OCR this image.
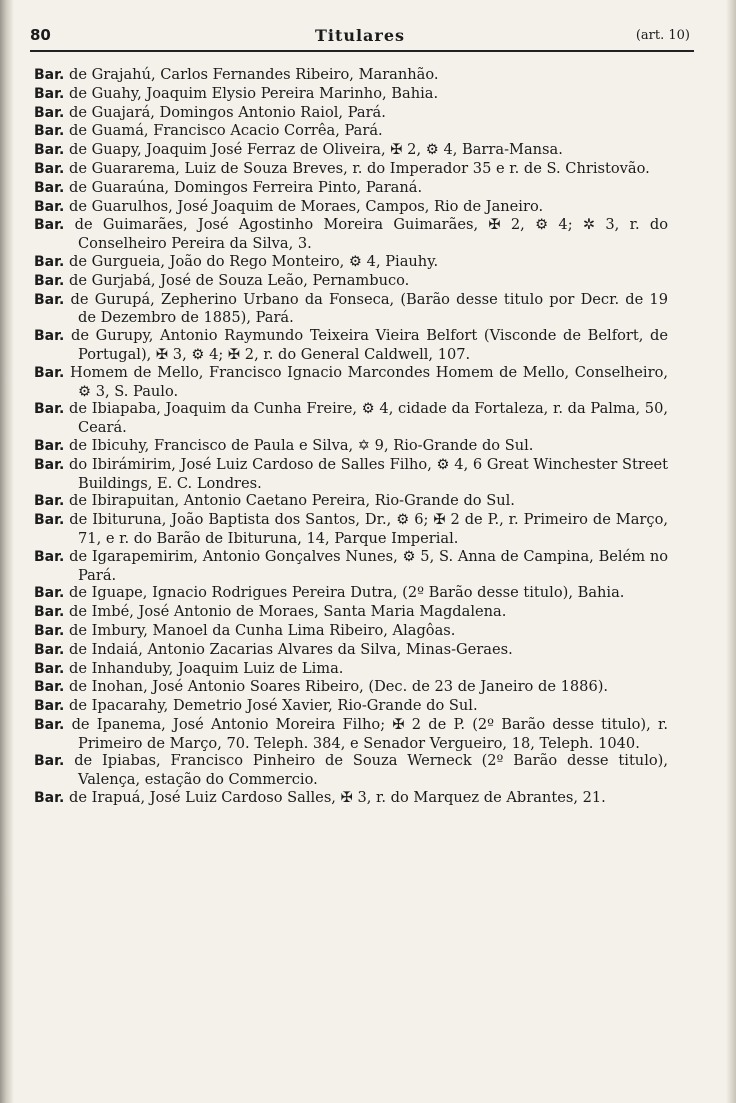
80	Titulares	(art. 10)

Bar. de Grajahú, Carlos Fernandes Ribeiro, Maranhão.

Bar. de Guahy, Joaquim Elysio Pereira Marinho, Bahia.

Bar. de Guajará, Domingos Antonio Raiol, Pará.

Bar. de Guamá, Francisco Acacio Corrêa, Pará.

Bar. de Guapy, Joaquim José Ferraz de Oliveira, ✠ 2, ⚙ 4, Barra-Mansa.

Bar. de Guararema, Luiz de Souza Breves, r. do Imperador 35 e r. de S. Christovão.

Bar. de Guaraúna, Domingos Ferreira Pinto, Paraná.

Bar. de Guarulhos, José Joaquim de Moraes, Campos, Rio de Janeiro.

Bar. de Guimarães, José Agostinho Moreira Guimarães, ✠ 2, ⚙ 4; ✲ 3, r. do Conselheiro Pereira da Silva, 3.

Bar. de Gurgueia, João do Rego Monteiro, ⚙ 4, Piauhy.

Bar. de Gurjabá, José de Souza Leão, Pernambuco.

Bar. de Gurupá, Zepherino Urbano da Fonseca, (Barão desse titulo por Decr. de 19 de Dezembro de 1885), Pará.

Bar. de Gurupy, Antonio Raymundo Teixeira Vieira Belfort (Visconde de Belfort, de Portugal), ✠ 3, ⚙ 4; ✠ 2, r. do General Caldwell, 107.

Bar. Homem de Mello, Francisco Ignacio Marcondes Homem de Mello, Conselheiro, ⚙ 3, S. Paulo.

Bar. de Ibiapaba, Joaquim da Cunha Freire, ⚙ 4, cidade da Fortaleza, r. da Palma, 50, Ceará.

Bar. de Ibicuhy, Francisco de Paula e Silva, ✡ 9, Rio-Grande do Sul.

Bar. do Ibirámirim, José Luiz Cardoso de Salles Filho, ⚙ 4, 6 Great Winchester Street Buildings, E. C. Londres.

Bar. de Ibirapuitan, Antonio Caetano Pereira, Rio-Grande do Sul.

Bar. de Ibituruna, João Baptista dos Santos, Dr., ⚙ 6; ✠ 2 de P., r. Primeiro de Março, 71, e r. do Barão de Ibituruna, 14, Parque Imperial.

Bar. de Igarapemirim, Antonio Gonçalves Nunes, ⚙ 5, S. Anna de Campina, Belém no Pará.

Bar. de Iguape, Ignacio Rodrigues Pereira Dutra, (2º Barão desse titulo), Bahia.

Bar. de Imbé, José Antonio de Moraes, Santa Maria Magdalena.

Bar. de Imbury, Manoel da Cunha Lima Ribeiro, Alagôas.

Bar. de Indaiá, Antonio Zacarias Alvares da Silva, Minas-Geraes.

Bar. de Inhanduby, Joaquim Luiz de Lima.

Bar. de Inohan, José Antonio Soares Ribeiro, (Dec. de 23 de Janeiro de 1886).

Bar. de Ipacarahy, Demetrio José Xavier, Rio-Grande do Sul.

Bar. de Ipanema, José Antonio Moreira Filho; ✠ 2 de P. (2º Barão desse titulo), r. Primeiro de Março, 70. Teleph. 384, e Senador Vergueiro, 18, Teleph. 1040.

Bar. de Ipiabas, Francisco Pinheiro de Souza Werneck (2º Barão desse titulo), Valença, estação do Commercio.

Bar. de Irapuá, José Luiz Cardoso Salles, ✠ 3, r. do Marquez de Abrantes, 21.
